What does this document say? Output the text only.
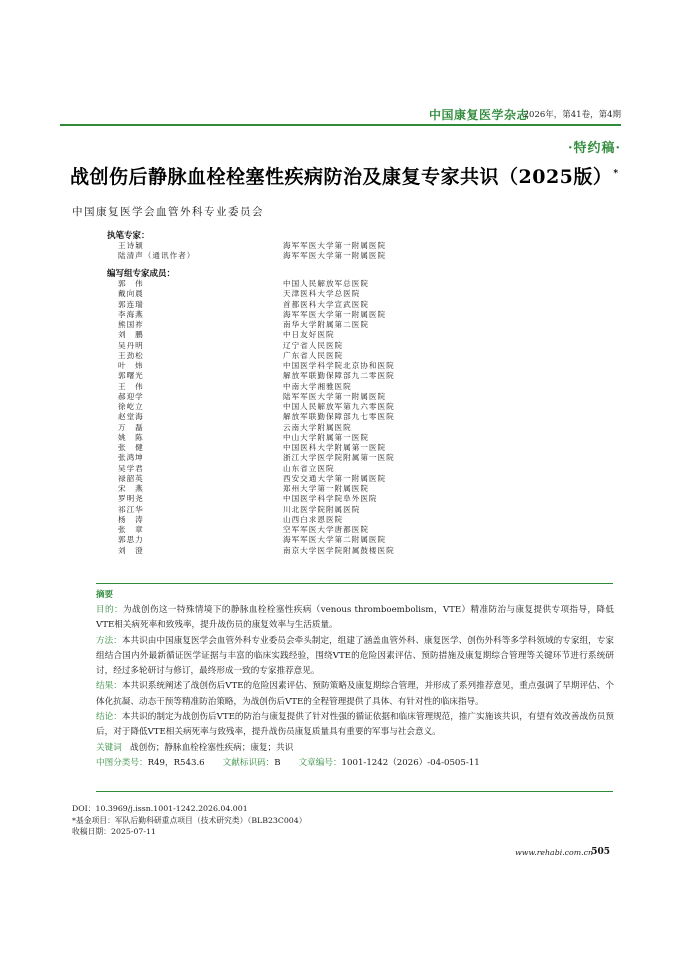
中国康复医学杂志
2026年，第41卷，第4期
·特约稿·
战创伤后静脉血栓栓塞性疾病防治及康复专家共识（2025版）*
中国康复医学会血管外科专业委员会
执笔专家：
王诗颖	海军军医大学第一附属医院
陆清声（通讯作者）	海军军医大学第一附属医院
编写组专家成员：
郭　伟	中国人民解放军总医院
戴向晨	天津医科大学总医院
郭连瑞	首都医科大学宣武医院
李海燕	海军军医大学第一附属医院
熊国祚	南华大学附属第二医院
刘　鹏	中日友好医院
吴丹明	辽宁省人民医院
王劲松	广东省人民医院
叶　炜	中国医学科学院北京协和医院
郭曙光	解放军联勤保障部九二零医院
王　伟	中南大学湘雅医院
郝迎学	陆军军医大学第一附属医院
徐屹立	中国人民解放军第九六零医院
赵堂海	解放军联勤保障部九七零医院
万　磊	云南大学附属医院
姚　陈	中山大学附属第一医院
张　健	中国医科大学附属第一医院
张鸿坤	浙江大学医学院附属第一医院
吴学君	山东省立医院
禄韶英	西安交通大学第一附属医院
宋　燕	郑州大学第一附属医院
罗明尧	中国医学科学院阜外医院
祁江华	川北医学院附属医院
杨　涛	山西白求恩医院
张　章	空军军医大学唐都医院
郭思力	海军军医大学第二附属医院
刘　澄	南京大学医学院附属鼓楼医院
摘要

目的：为战创伤这一特殊情境下的静脉血栓栓塞性疾病（venous thromboembolism，VTE）精准防治与康复提供专项指导，降低VTE相关病死率和致残率，提升战伤员的康复效率与生活质量。

方法：本共识由中国康复医学会血管外科专业委员会牵头制定，组建了涵盖血管外科、康复医学、创伤外科等多学科领域的专家组，专家组结合国内外最新循证医学证据与丰富的临床实践经验，围绕VTE的危险因素评估、预防措施及康复期综合管理等关键环节进行系统研讨，经过多轮研讨与修订，最终形成一致的专家推荐意见。

结果：本共识系统阐述了战创伤后VTE的危险因素评估、预防策略及康复期综合管理，并形成了系列推荐意见，重点强调了早期评估、个体化抗凝、动态干预等精准防治策略，为战创伤后VTE的全程管理提供了具体、有针对性的临床指导。

结论：本共识的制定为战创伤后VTE的防治与康复提供了针对性强的循证依据和临床管理规范，推广实施该共识，有望有效改善战伤员预后，对于降低VTE相关病死率与致残率，提升战伤员康复质量具有重要的军事与社会意义。

关键词 战创伤；静脉血栓栓塞性疾病；康复；共识

中图分类号：R49，R543.6 文献标识码：B 文章编号：1001-1242（2026）-04-0505-11

DOI：10.3969/j.issn.1001-1242.2026.04.001

*基金项目：军队后勤科研重点项目（技术研究类）（BLB23C004）

收稿日期：2025-07-11

www.rehabi.com.cn
505
